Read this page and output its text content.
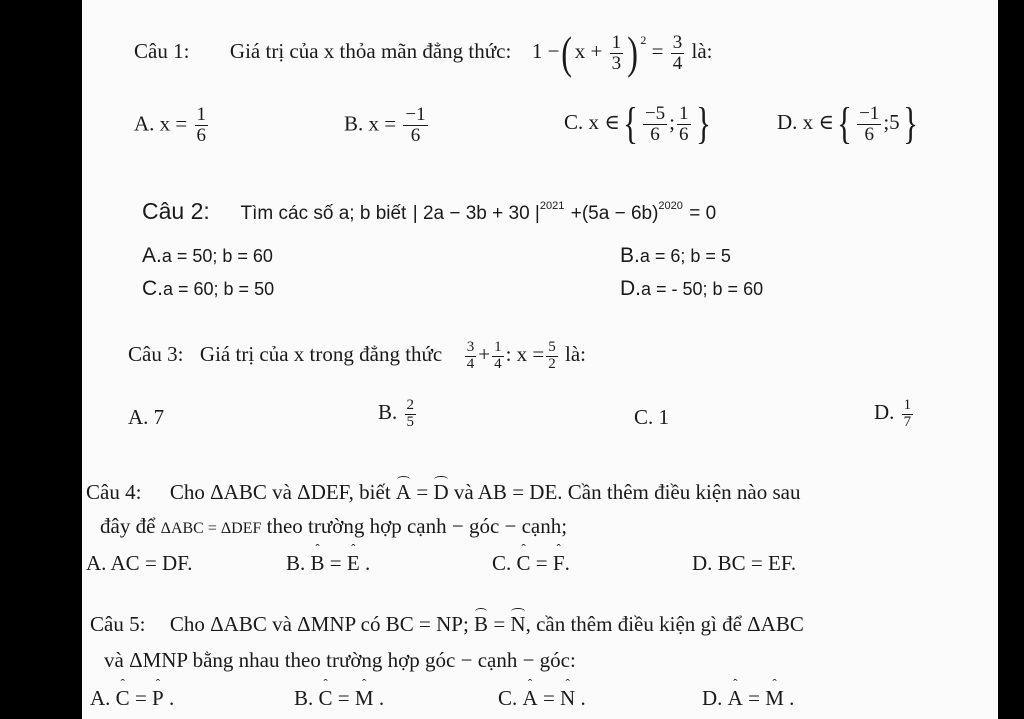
Câu 1: Giá trị của x thỏa mãn đẳng thức: 1 −( $x + \frac{1}{3}$ ) $^2 = \frac{3}{4}$ là:
A. $x = \frac{1}{6}$	B. $x = \frac{-1}{6}$	C. x ∈{ $\frac{-5}{6}$ ; $\frac{1}{6}$ }	D. x ∈{ $\frac{-1}{6}$ ;5}
Câu 2: Tìm các số a; b biết | 2a − 3b + 30 $|^{2021} +(5a - 6b)^{2020} = 0$
A.a = 50; b = 60	B.a = 6; b = 5
C.a = 60; b = 50	D.a = - 50; b = 60
Câu 3: Giá trị của x trong đẳng thức $\frac{3}{4} + \frac{1}{4}$ : $x = \frac{5}{2}$ là:
A. 7	B. $\frac{2}{5}$	C. 1	D. $\frac{1}{7}$
Câu 4: Cho ΔABC và ΔDEF, biết A = D và AB = DE. Cần thêm điều kiện nào sau
đây để ΔABC = ΔDEF theo trường hợp cạnh − góc − cạnh;
A. AC = DF.	B. ˆ B = ˆ E .	C. ˆ C = ˆ F.	D. BC = EF.
Câu 5: Cho ΔABC và ΔMNP có BC = NP; B = N, cần thêm điều kiện gì để ΔABC
và ΔMNP bằng nhau theo trường hợp góc − cạnh − góc:
A. ˆ C = ˆ P .	B. ˆ C = ˆ M .	C. ˆ A = ˆ N .	D. ˆ A = ˆ M .
